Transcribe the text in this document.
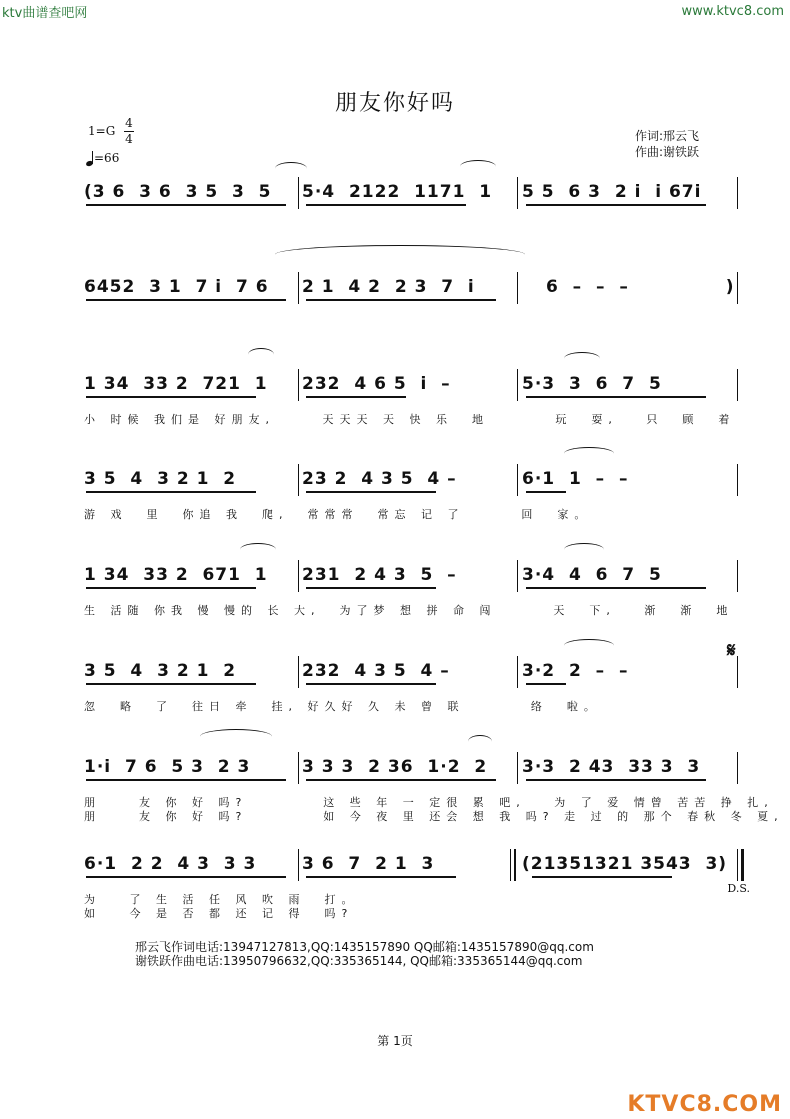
ktv曲谱查吧网	www.ktvc8.com
朋友你好吗
1=G
4
4
=66
作词:邢云飞
作曲:谢铁跃
(3 6  3 6  3 5  3  5 5·4  2122  1171  1 5 5  6 3  2 i  i 67i
6452  3 1  7 i  7 6 2 1  4 2  2 3  7  i	6  –  –  –              )
1 34  33 2  721  1 232  4 6 5  i  –	5·3  3  6  7  5
小 时候 我们是 好朋友,     天天天 天 快 乐  地       玩  耍,   只  顾  着
3 5  4  3 2 1  2	23 2  4 3 5  4 –	6·1  1  –  –
游 戏  里  你追 我  爬,  常常常  常忘 记 了      回  家。
1 34  33 2  671  1 231  2 4 3  5  –	3·4  4  6  7  5
生 活随 你我 慢 慢的 长 大,  为了梦 想 拼 命 闯      天  下,   渐  渐  地
3 5  4  3 2 1  2	232  4 3 5  4 –	3·2  2  –  –
忽  略  了  往日 牵  挂, 好久好 久 未 曾 联       络  啦。
1·i  7 6  5 3  2 3	3 3 3  2 36  1·2  2 3·3  2 43  33 3  3
朋    友 你 好 吗?        这 些 年 一 定很 累 吧,   为 了 爱 情曾 苦苦 挣 扎,
朋    友 你 好 吗?        如 今 夜 里 还会 想 我 吗? 走 过 的 那个 春秋 冬 夏,
6·1  2 2  4 3  3 3	3 6  7  2 1  3	(21351321 3543  3)
为   了 生 活 任 风 吹 雨  打。
如   今 是 否 都 还 记 得  吗?
𝄋
D.S.
邢云飞作词电话:13947127813,QQ:1435157890 QQ邮箱:1435157890@qq.com
谢铁跃作曲电话:13950796632,QQ:335365144, QQ邮箱:335365144@qq.com
第 1页
KTVC8.COM
